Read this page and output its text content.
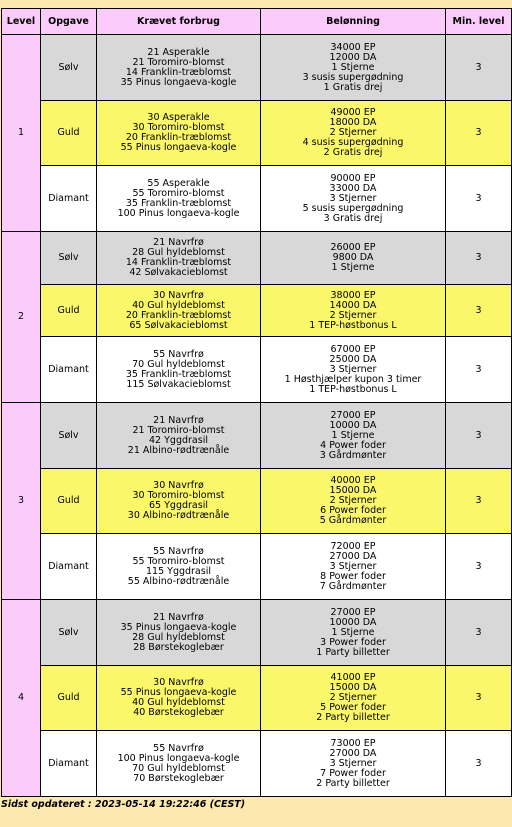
Level	Opgave	Krævet forbrug	Belønning	Min. level
1	Sølv	21 Asperakle
21 Toromiro-blomst
14 Franklin-træblomst
35 Pinus longaeva-kogle	34000 EP
12000 DA
1 Stjerne
3 susis supergødning
1 Gratis drej	3
	Guld	30 Asperakle
30 Toromiro-blomst
20 Franklin-træblomst
55 Pinus longaeva-kogle	49000 EP
18000 DA
2 Stjerner
4 susis supergødning
2 Gratis drej	3
	Diamant	55 Asperakle
55 Toromiro-blomst
35 Franklin-træblomst
100 Pinus longaeva-kogle	90000 EP
33000 DA
3 Stjerner
5 susis supergødning
3 Gratis drej	3
2	Sølv	21 Navrfrø
28 Gul hyldeblomst
14 Franklin-træblomst
42 Sølvakacieblomst	26000 EP
9800 DA
1 Stjerne	3
	Guld	30 Navrfrø
40 Gul hyldeblomst
20 Franklin-træblomst
65 Sølvakacieblomst	38000 EP
14000 DA
2 Stjerner
1 TEP-høstbonus L	3
	Diamant	55 Navrfrø
70 Gul hyldeblomst
35 Franklin-træblomst
115 Sølvakacieblomst	67000 EP
25000 DA
3 Stjerner
1 Høsthjælper kupon 3 timer
1 TEP-høstbonus L	3
3	Sølv	21 Navrfrø
21 Toromiro-blomst
42 Yggdrasil
21 Albino-rødtrænåle	27000 EP
10000 DA
1 Stjerne
4 Power foder
3 Gårdmønter	3
	Guld	30 Navrfrø
30 Toromiro-blomst
65 Yggdrasil
30 Albino-rødtrænåle	40000 EP
15000 DA
2 Stjerner
6 Power foder
5 Gårdmønter	3
	Diamant	55 Navrfrø
55 Toromiro-blomst
115 Yggdrasil
55 Albino-rødtrænåle	72000 EP
27000 DA
3 Stjerner
8 Power foder
7 Gårdmønter	3
4	Sølv	21 Navrfrø
35 Pinus longaeva-kogle
28 Gul hyldeblomst
28 Børstekoglebær	27000 EP
10000 DA
1 Stjerne
3 Power foder
1 Party billetter	3
	Guld	30 Navrfrø
55 Pinus longaeva-kogle
40 Gul hyldeblomst
40 Børstekoglebær	41000 EP
15000 DA
2 Stjerner
5 Power foder
2 Party billetter	3
	Diamant	55 Navrfrø
100 Pinus longaeva-kogle
70 Gul hyldeblomst
70 Børstekoglebær	73000 EP
27000 DA
3 Stjerner
7 Power foder
2 Party billetter	3
Sidst opdateret : 2023-05-14 19:22:46 (CEST)
